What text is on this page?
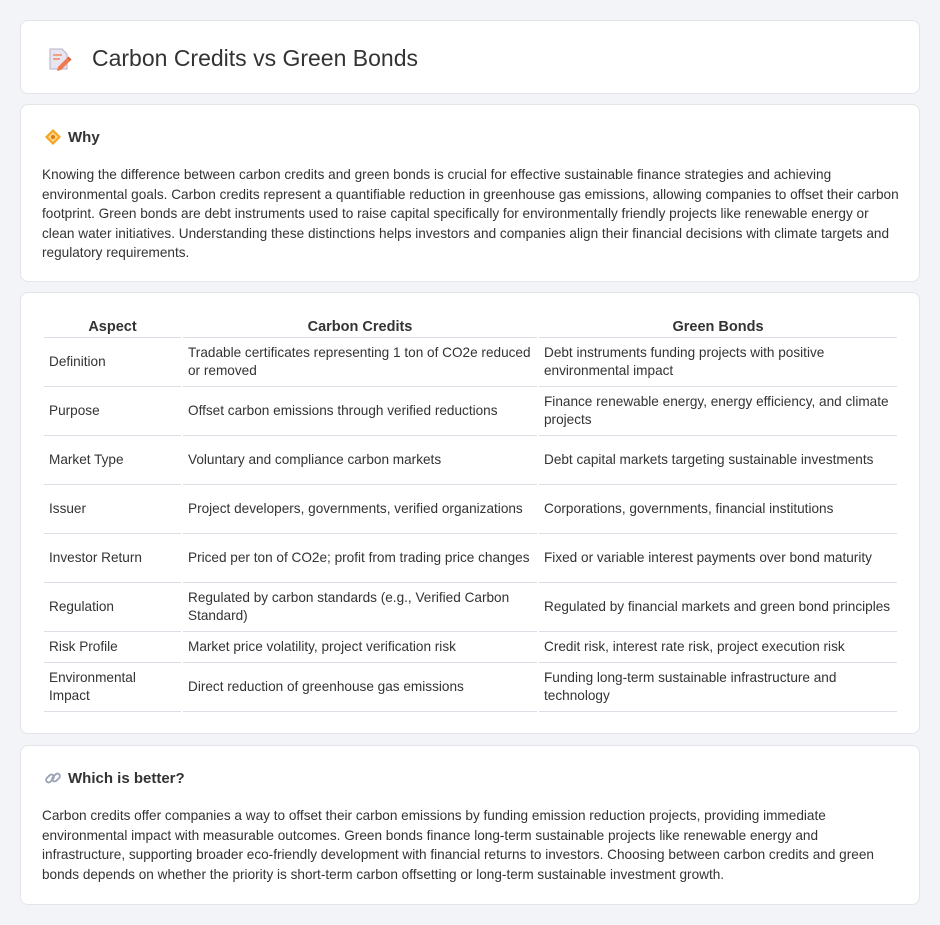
Carbon Credits vs Green Bonds
Why

Knowing the difference between carbon credits and green bonds is crucial for effective sustainable finance strategies and achieving environmental goals. Carbon credits represent a quantifiable reduction in greenhouse gas emissions, allowing companies to offset their carbon footprint. Green bonds are debt instruments used to raise capital specifically for environmentally friendly projects like renewable energy or clean water initiatives. Understanding these distinctions helps investors and companies align their financial decisions with climate targets and regulatory requirements.

Aspect	Carbon Credits	Green Bonds
Definition	Tradable certificates representing 1 ton of CO2e reduced or removed	Debt instruments funding projects with positive environmental impact
Purpose	Offset carbon emissions through verified reductions	Finance renewable energy, energy efficiency, and climate projects
Market Type	Voluntary and compliance carbon markets	Debt capital markets targeting sustainable investments
Issuer	Project developers, governments, verified organizations	Corporations, governments, financial institutions
Investor Return	Priced per ton of CO2e; profit from trading price changes	Fixed or variable interest payments over bond maturity
Regulation	Regulated by carbon standards (e.g., Verified Carbon Standard)	Regulated by financial markets and green bond principles
Risk Profile	Market price volatility, project verification risk	Credit risk, interest rate risk, project execution risk
Environmental Impact	Direct reduction of greenhouse gas emissions	Funding long-term sustainable infrastructure and technology
Which is better?

Carbon credits offer companies a way to offset their carbon emissions by funding emission reduction projects, providing immediate environmental impact with measurable outcomes. Green bonds finance long-term sustainable projects like renewable energy and infrastructure, supporting broader eco-friendly development with financial returns to investors. Choosing between carbon credits and green bonds depends on whether the priority is short-term carbon offsetting or long-term sustainable investment growth.
